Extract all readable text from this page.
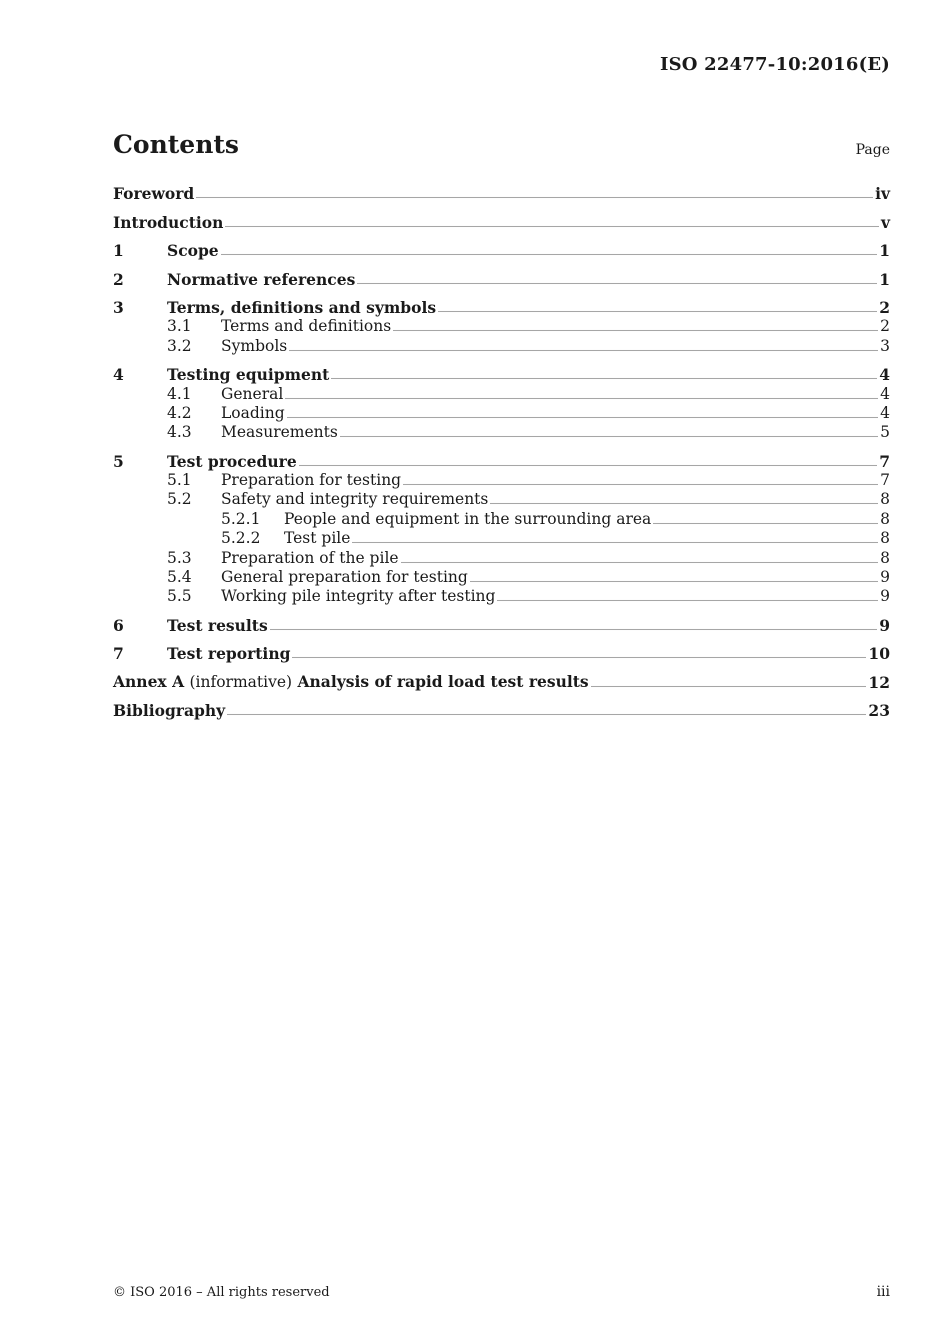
ISO 22477-10:2016(E)
Contents	Page
Foreword	iv
Introduction	v
1	Scope	1
2	Normative references	1
3	Terms, definitions and symbols	2
3.1	Terms and definitions	2
3.2	Symbols	3
4	Testing equipment	4
4.1	General	4
4.2	Loading	4
4.3	Measurements	5
5	Test procedure	7
5.1	Preparation for testing	7
5.2	Safety and integrity requirements	8
5.2.1	People and equipment in the surrounding area	8
5.2.2	Test pile	8
5.3	Preparation of the pile	8
5.4	General preparation for testing	9
5.5	Working pile integrity after testing	9
6	Test results	9
7	Test reporting	10
Annex A (informative) Analysis of rapid load test results	12
Bibliography	23
© ISO 2016 – All rights reserved	iii
